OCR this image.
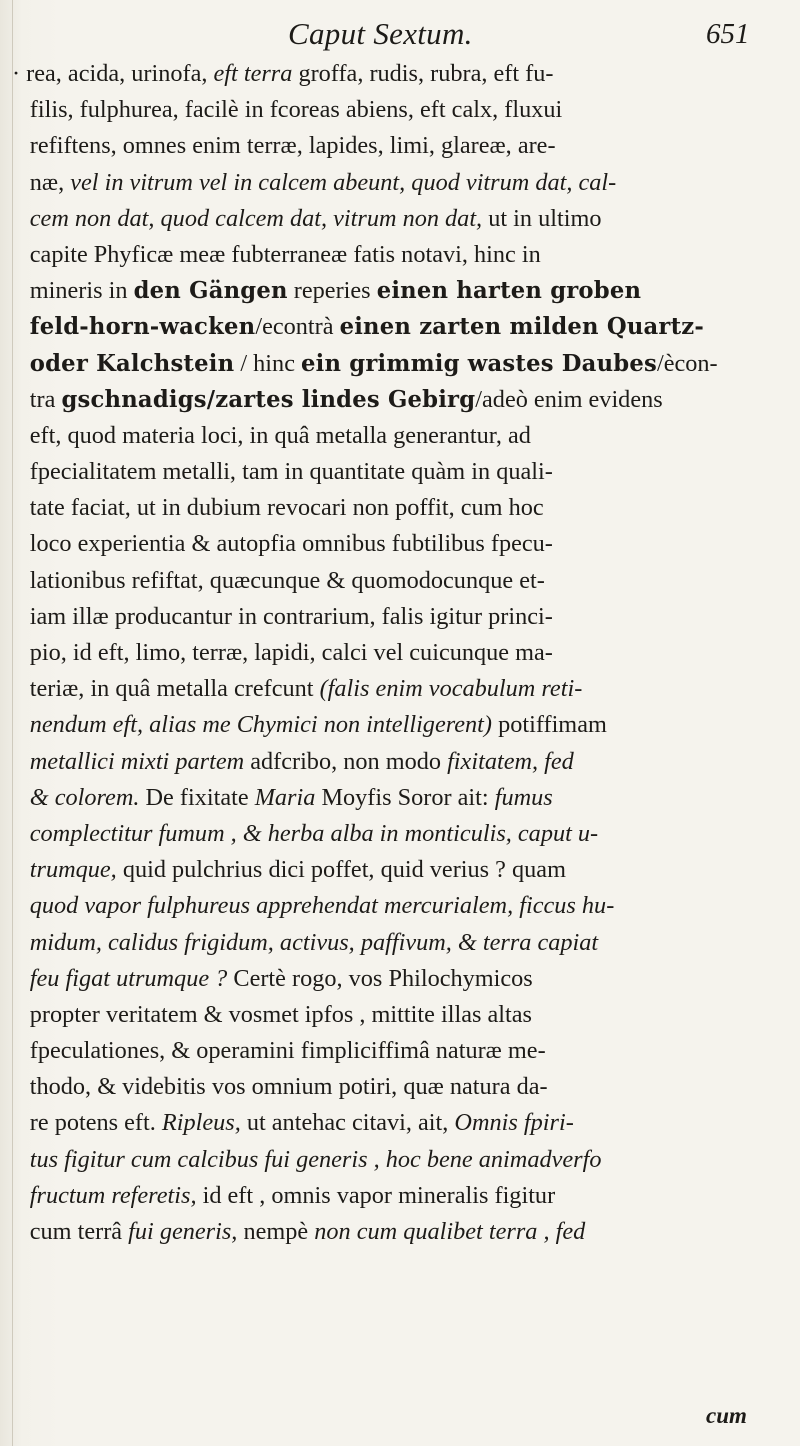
Caput Sextum.	651
· rea, acida, urinofa, eft terra groffa, rudis, rubra, eft fu-
filis, fulphurea, facilè in fcoreas abiens, eft calx, fluxui
refiftens, omnes enim terræ, lapides, limi, glareæ, are-
næ, vel in vitrum vel in calcem abeunt, quod vitrum dat, cal-
cem non dat, quod calcem dat, vitrum non dat, ut in ultimo
capite Phyficæ meæ fubterraneæ fatis notavi, hinc in
mineris in den Gängen reperies einen harten groben
feld-horn-wacken/econtrà einen zarten milden Quartz-
oder Kalchstein / hinc ein grimmig wastes Daubes/ècon-
tra gschnadigs/zartes lindes Gebirg/adeò enim evidens
eft, quod materia loci, in quâ metalla generantur, ad
fpecialitatem metalli, tam in quantitate quàm in quali-
tate faciat, ut in dubium revocari non poffit, cum hoc
loco experientia & autopfia omnibus fubtilibus fpecu-
lationibus refiftat, quæcunque & quomodocunque et-
iam illæ producantur in contrarium, falis igitur princi-
pio, id eft, limo, terræ, lapidi, calci vel cuicunque ma-
teriæ, in quâ metalla crefcunt (falis enim vocabulum reti-
nendum eft, alias me Chymici non intelligerent) potiffimam
metallici mixti partem adfcribo, non modo fixitatem, fed
& colorem. De fixitate Maria Moyfis Soror ait: fumus
complectitur fumum , & herba alba in monticulis, caput u-
trumque, quid pulchrius dici poffet, quid verius ? quam
quod vapor fulphureus apprehendat mercurialem, ficcus hu-
midum, calidus frigidum, activus, paffivum, & terra capiat
feu figat utrumque ? Certè rogo, vos Philochymicos
propter veritatem & vosmet ipfos , mittite illas altas
fpeculationes, & operamini fimpliciffimâ naturæ me-
thodo, & videbitis vos omnium potiri, quæ natura da-
re potens eft. Ripleus, ut antehac citavi, ait, Omnis fpiri-
tus figitur cum calcibus fui generis , hoc bene animadverfo
fructum referetis, id eft , omnis vapor mineralis figitur
cum terrâ fui generis, nempè non cum qualibet terra , fed
cum
